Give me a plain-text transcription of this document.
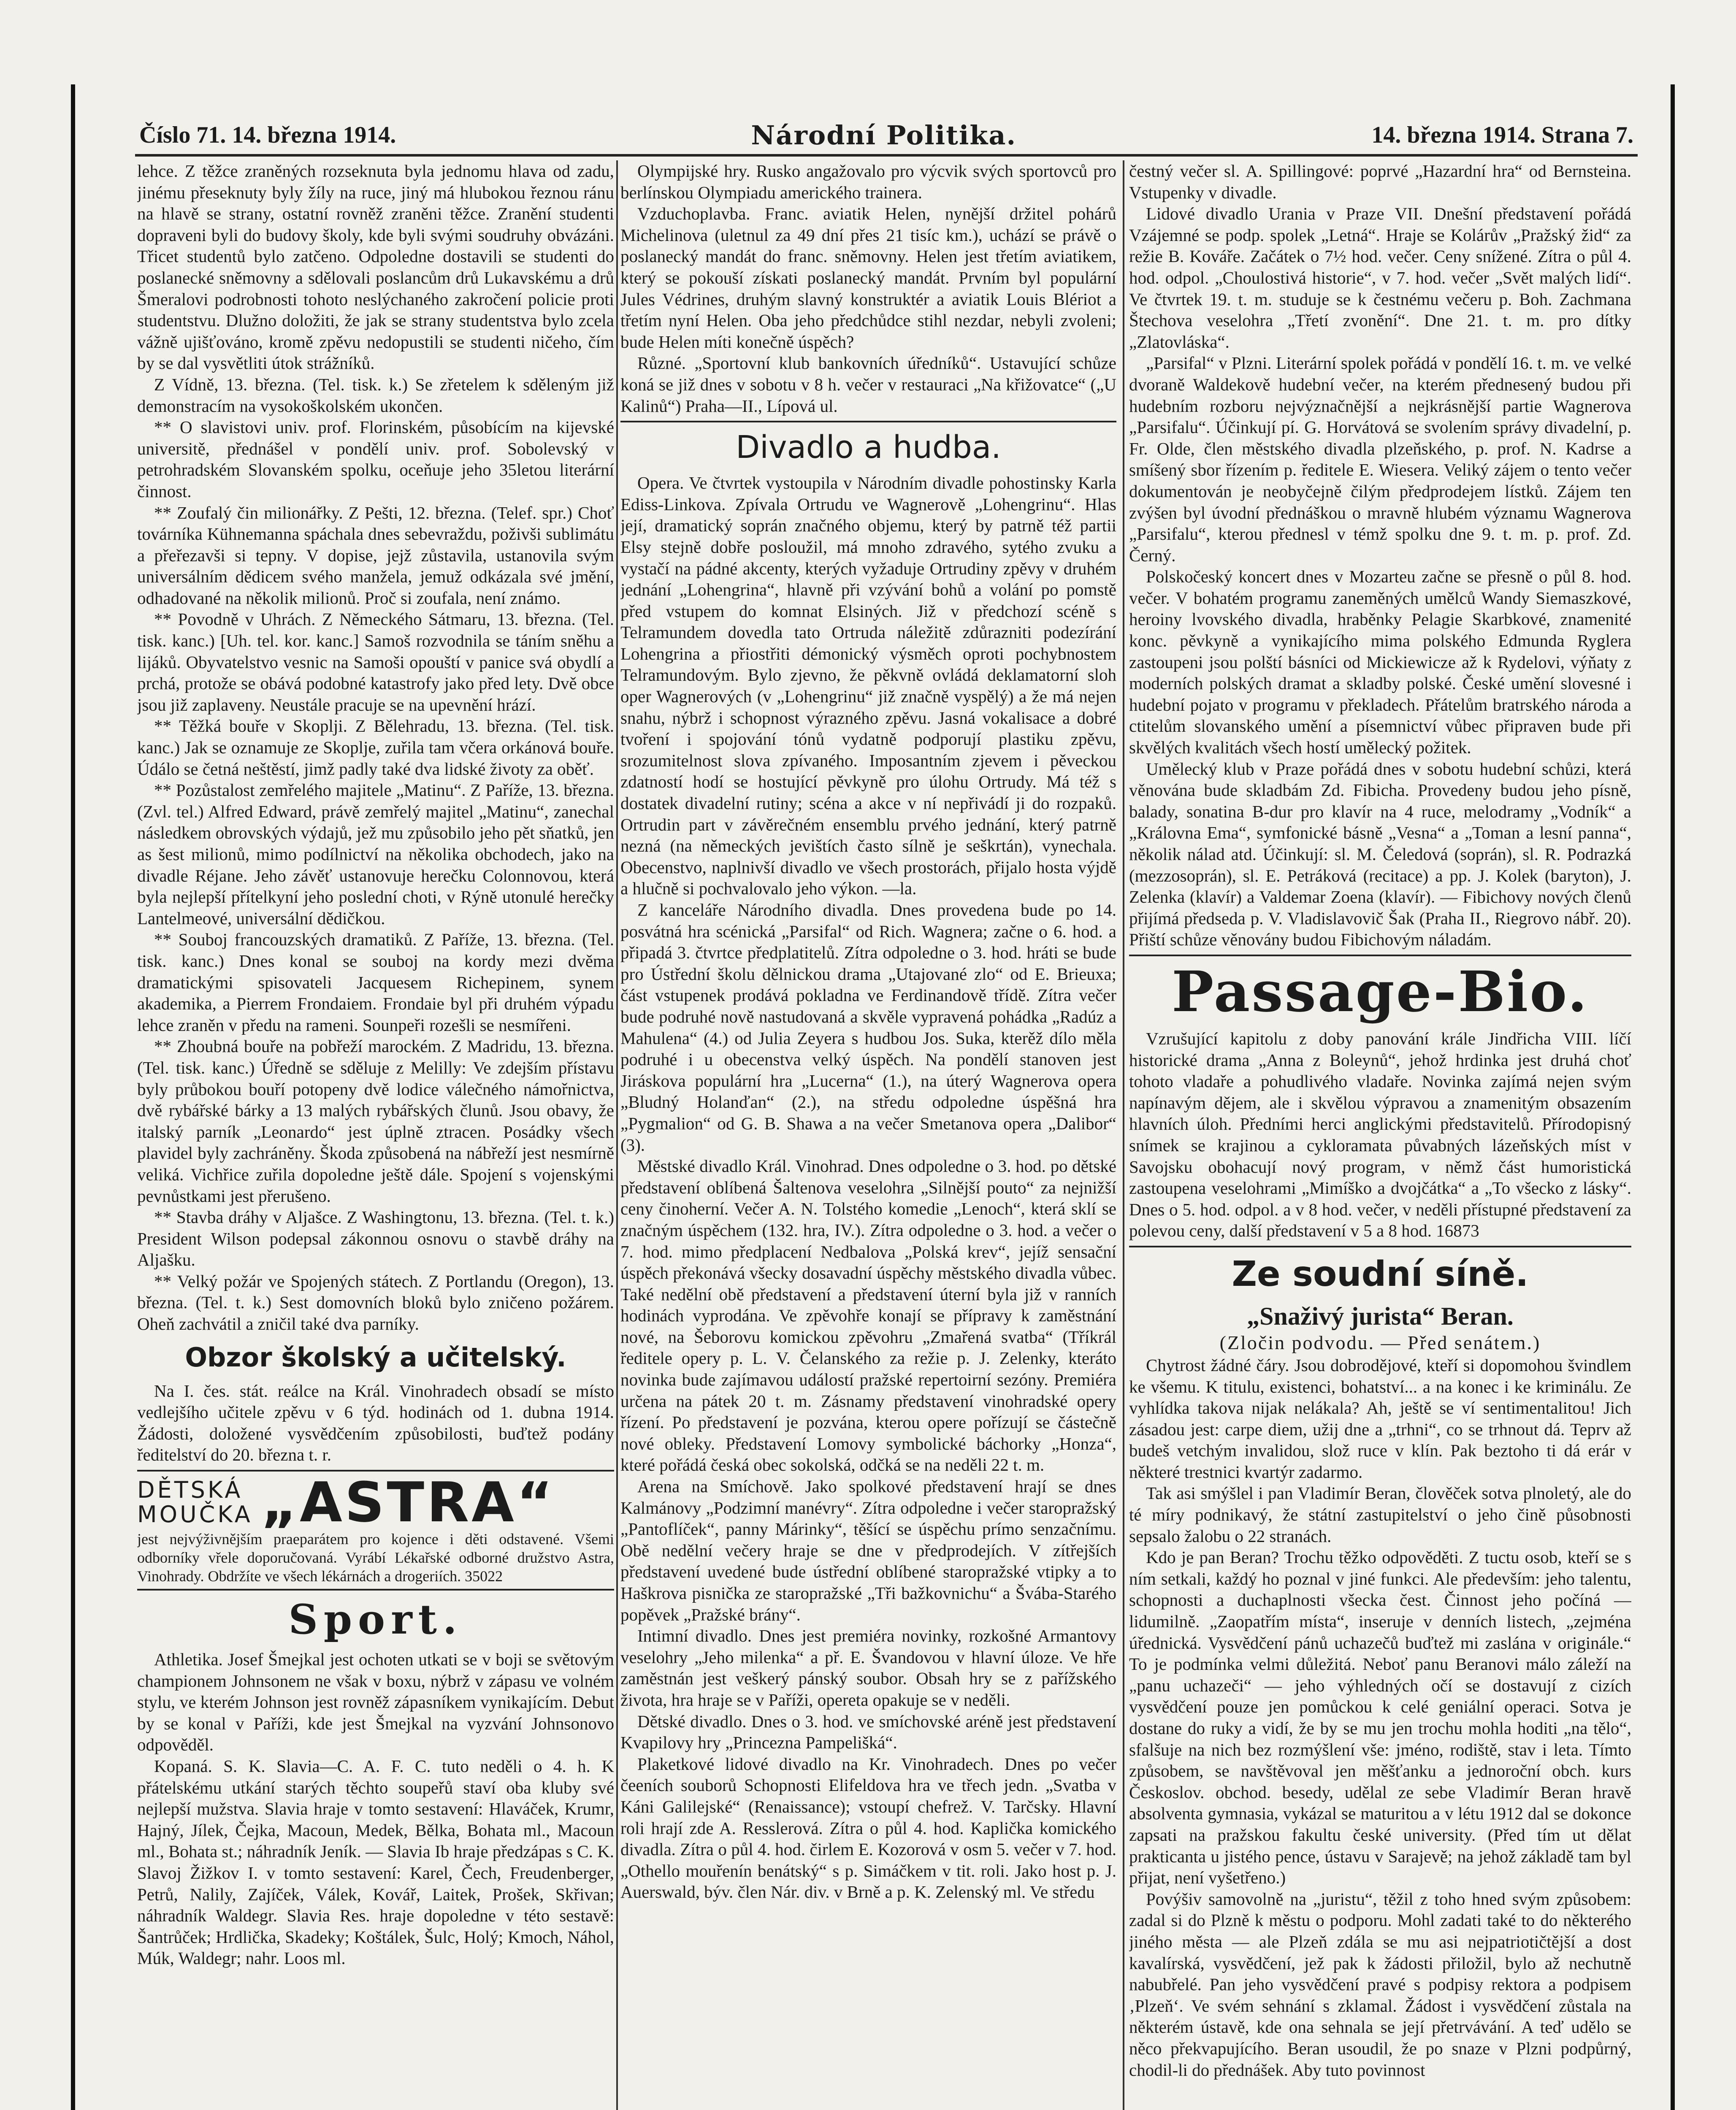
Číslo 71. 14. března 1914.	Národní Politika.	14. března 1914. Strana 7.

lehce. Z těžce zraněných rozseknuta byla jednomu hlava od zadu, jinému přeseknuty byly žíly na ruce, jiný má hlubokou řeznou ránu na hlavě se strany, ostatní rovněž zraněni těžce. Zranění studenti dopraveni byli do budovy školy, kde byli svými soudruhy obvázáni. Třicet studentů bylo zatčeno. Odpoledne dostavili se studenti do poslanecké sněmovny a sdělovali poslancům drů Lukavskému a drů Šmeralovi podrobnosti tohoto neslýchaného zakročení policie proti studentstvu. Dlužno doložiti, že jak se strany studentstva bylo zcela vážně ujišťováno, kromě zpěvu nedopustili se studenti ničeho, čím by se dal vysvětliti útok strážníků.

Z Vídně, 13. března. (Tel. tisk. k.) Se zřetelem k sděleným již demonstracím na vysokoškolském ukončen.

** O slavistovi univ. prof. Florinském, působícím na kijevské universitě, přednášel v pondělí univ. prof. Sobolevský v petrohradském Slovanském spolku, oceňuje jeho 35letou literární činnost.

** Zoufalý čin milionářky. Z Pešti, 12. března. (Telef. spr.) Choť továrníka Kühnemanna spáchala dnes sebevraždu, poživši sublimátu a přeřezavši si tepny. V dopise, jejž zůstavila, ustanovila svým universálním dědicem svého manžela, jemuž odkázala své jmění, odhadované na několik milionů. Proč si zoufala, není známo.

** Povodně v Uhrách. Z Německého Sátmaru, 13. března. (Tel. tisk. kanc.) [Uh. tel. kor. kanc.] Samoš rozvodnila se táním sněhu a lijáků. Obyvatelstvo vesnic na Samoši opouští v panice svá obydlí a prchá, protože se obává podobné katastrofy jako před lety. Dvě obce jsou již zaplaveny. Neustále pracuje se na upevnění hrází.

** Těžká bouře v Skoplji. Z Bělehradu, 13. března. (Tel. tisk. kanc.) Jak se oznamuje ze Skoplje, zuřila tam včera orkánová bouře. Údálo se četná neštěstí, jimž padly také dva lidské životy za oběť.

** Pozůstalost zemřelého majitele „Matinu“. Z Paříže, 13. března. (Zvl. tel.) Alfred Edward, právě zemřelý majitel „Matinu“, zanechal následkem obrovských výdajů, jež mu způsobilo jeho pět sňatků, jen as šest milionů, mimo podílnictví na několika obchodech, jako na divadle Réjane. Jeho závěť ustanovuje herečku Colonnovou, která byla nejlepší přítelkyní jeho poslední choti, v Rýně utonulé herečky Lantelmeové, universální dědičkou.

** Souboj francouzských dramatiků. Z Paříže, 13. března. (Tel. tisk. kanc.) Dnes konal se souboj na kordy mezi dvěma dramatickými spisovateli Jacquesem Richepinem, synem akademika, a Pierrem Frondaiem. Frondaie byl při druhém výpadu lehce zraněn v předu na rameni. Sounpeři rozešli se nesmířeni.

** Zhoubná bouře na pobřeží marockém. Z Madridu, 13. března. (Tel. tisk. kanc.) Úředně se sděluje z Melilly: Ve zdejším přístavu byly průbokou bouří potopeny dvě lodice válečného námořnictva, dvě rybářské bárky a 13 malých rybářských člunů. Jsou obavy, že italský parník „Leonardo“ jest úplně ztracen. Posádky všech plavidel byly zachráněny. Škoda způsobená na nábřeží jest nesmírně veliká. Vichřice zuřila dopoledne ještě dále. Spojení s vojenskými pevnůstkami jest přerušeno.

** Stavba dráhy v Aljašce. Z Washingtonu, 13. března. (Tel. t. k.) President Wilson podepsal zákonnou osnovu o stavbě dráhy na Aljašku.

** Velký požár ve Spojených státech. Z Portlandu (Oregon), 13. března. (Tel. t. k.) Sest domovních bloků bylo zničeno požárem. Oheň zachvátil a zničil také dva parníky.

Obzor školský a učitelský.

Na I. čes. stát. reálce na Král. Vinohradech obsadí se místo vedlejšího učitele zpěvu v 6 týd. hodinách od 1. dubna 1914. Žádosti, doložené vysvědčením způsobilosti, buďtež podány ředitelství do 20. března t. r.

DĚTSKÁ
MOUČKA „ASTRA“
jest nejvýživnějším praeparátem pro kojence i děti odstavené. Všemi odborníky vřele doporučovaná. Vyrábí Lékařské odborné družstvo Astra, Vinohrady. Obdržíte ve všech lékárnách a drogeriích. 35022
Sport.

Athletika. Josef Šmejkal jest ochoten utkati se v boji se světovým championem Johnsonem ne však v boxu, nýbrž v zápasu ve volném stylu, ve kterém Johnson jest rovněž zápasníkem vynikajícím. Debut by se konal v Paříži, kde jest Šmejkal na vyzvání Johnsonovo odpověděl.

Kopaná. S. K. Slavia—C. A. F. C. tuto neděli o 4. h. K přátelskému utkání starých těchto soupeřů staví oba kluby své nejlepší mužstva. Slavia hraje v tomto sestavení: Hlaváček, Krumr, Hajný, Jílek, Čejka, Macoun, Medek, Bělka, Bohata ml., Macoun ml., Bohata st.; náhradník Jeník. — Slavia Ib hraje předzápas s C. K. Slavoj Žižkov I. v tomto sestavení: Karel, Čech, Freudenberger, Petrů, Nalily, Zajíček, Válek, Kovář, Laitek, Prošek, Skřivan; náhradník Waldegr. Slavia Res. hraje dopoledne v této sestavě: Šantrůček; Hrdlička, Skadeky; Koštálek, Šulc, Holý; Kmoch, Náhol, Múk, Waldegr; nahr. Loos ml.

Olympijské hry. Rusko angažovalo pro výcvik svých sportovců pro berlínskou Olympiadu amerického trainera.

Vzduchoplavba. Franc. aviatik Helen, nynější držitel pohárů Michelinova (uletnul za 49 dní přes 21 tisíc km.), uchází se právě o poslanecký mandát do franc. sněmovny. Helen jest třetím aviatikem, který se pokouší získati poslanecký mandát. Prvním byl populární Jules Védrines, druhým slavný konstruktér a aviatik Louis Blériot a třetím nyní Helen. Oba jeho předchůdce stihl nezdar, nebyli zvoleni; bude Helen míti konečně úspěch?

Různé. „Sportovní klub bankovních úředníků“. Ustavující schůze koná se již dnes v sobotu v 8 h. večer v restauraci „Na křižovatce“ („U Kalinů“) Praha—II., Lípová ul.

Divadlo a hudba.

Opera. Ve čtvrtek vystoupila v Národním divadle pohostinsky Karla Ediss-Linkova. Zpívala Ortrudu ve Wagnerově „Lohengrinu“. Hlas její, dramatický soprán značného objemu, který by patrně též partii Elsy stejně dobře posloužil, má mnoho zdravého, sytého zvuku a vystačí na pádné akcenty, kterých vyžaduje Ortrudiny zpěvy v druhém jednání „Lohengrina“, hlavně při vzývání bohů a volání po pomstě před vstupem do komnat Elsiných. Již v předchozí scéně s Telramundem dovedla tato Ortruda náležitě zdůrazniti podezírání Lohengrina a přiostřiti démonický výsměch oproti pochybnostem Telramundovým. Bylo zjevno, že pěkvně ovládá deklamatorní sloh oper Wagnerových (v „Lohengrinu“ již značně vyspělý) a že má nejen snahu, nýbrž i schopnost výrazného zpěvu. Jasná vokalisace a dobré tvoření i spojování tónů vydatně podporují plastiku zpěvu, srozumitelnost slova zpívaného. Imposantním zjevem i pěveckou zdatností hodí se hostující pěvkyně pro úlohu Ortrudy. Má též s dostatek divadelní rutiny; scéna a akce v ní nepřivádí ji do rozpaků. Ortrudin part v závěrečném ensemblu prvého jednání, který patrně nezná (na německých jevištích často sílně je seškrtán), vynechala. Obecenstvo, naplnivší divadlo ve všech prostorách, přijalo hosta výjdě a hlučně si pochvalovalo jeho výkon. —la.

Z kanceláře Národního divadla. Dnes provedena bude po 14. posvátná hra scénická „Parsifal“ od Rich. Wagnera; začne o 6. hod. a připadá 3. čtvrtce předplatitelů. Zítra odpoledne o 3. hod. hráti se bude pro Ústřední školu dělnickou drama „Utajované zlo“ od E. Brieuxa; část vstupenek prodává pokladna ve Ferdinandově třídě. Zítra večer bude podruhé nově nastudovaná a skvěle vypravená pohádka „Radúz a Mahulena“ (4.) od Julia Zeyera s hudbou Jos. Suka, kterěž dílo měla podruhé i u obecenstva velký úspěch. Na pondělí stanoven jest Jiráskova populární hra „Lucerna“ (1.), na úterý Wagnerova opera „Bludný Holanďan“ (2.), na středu odpoledne úspěšná hra „Pygmalion“ od G. B. Shawa a na večer Smetanova opera „Dalibor“ (3).

Městské divadlo Král. Vinohrad. Dnes odpoledne o 3. hod. po dětské představení oblíbená Šaltenova veselohra „Silnější pouto“ za nejnižší ceny činoherní. Večer A. N. Tolstého komedie „Lenoch“, která sklí se značným úspěchem (132. hra, IV.). Zítra odpoledne o 3. hod. a večer o 7. hod. mimo předplacení Nedbalova „Polská krev“, jejíž sensační úspěch překonává všecky dosavadní úspěchy městského divadla vůbec. Také nedělní obě představení a představení úterní byla již v ranních hodinách vyprodána. Ve zpěvohře konají se přípravy k zaměstnání nové, na Šeborovu komickou zpěvohru „Zmařená svatba“ (Tříkrál ředitele opery p. L. V. Čelanského za režie p. J. Zelenky, kteráto novinka bude zajímavou událostí pražské repertoirní sezóny. Premiéra určena na pátek 20 t. m. Zásnamy představení vinohradské opery řízení. Po představení je pozvána, kterou opere pořízují se částečně nové obleky. Představení Lomovy symbolické báchorky „Honza“, které pořádá česká obec sokolská, odčká se na neděli 22 t. m.

Arena na Smíchově. Jako spolkové představení hrají se dnes Kalmánovy „Podzimní manévry“. Zítra odpoledne i večer staropražský „Pantoflíček“, panny Márinky“, těšící se úspěchu prímo senzačnímu. Obě nedělní večery hraje se dne v předprodejích. V zítřejších představení uvedené bude ústřední oblíbené staropražské vtipky a to Haškrova pisnička ze staropražské „Tři bažkovnichu“ a Švába-Starého popěvek „Pražské brány“.

Intimní divadlo. Dnes jest premiéra novinky, rozkošné Armantovy veselohry „Jeho milenka“ a př. E. Švandovou v hlavní úloze. Ve hře zaměstnán jest veškerý pánský soubor. Obsah hry se z pařížského života, hra hraje se v Paříži, opereta opakuje se v neděli.

Dětské divadlo. Dnes o 3. hod. ve smíchovské aréně jest představení Kvapilovy hry „Princezna Pampelišká“.

Plaketkové lidové divadlo na Kr. Vinohradech. Dnes po večer čeeních souborů Schopnosti Elifeldova hra ve třech jedn. „Svatba v Káni Galilejské“ (Renaissance); vstoupí chefrež. V. Tarčsky. Hlavní roli hrají zde A. Resslerová. Zítra o půl 4. hod. Kaplička komického divadla. Zítra o půl 4. hod. čirlem E. Kozorová v osm 5. večer v 7. hod. „Othello mouřenín benátský“ s p. Simáčkem v tit. roli. Jako host p. J. Auerswald, býv. člen Nár. div. v Brně a p. K. Zelenský ml. Ve středu

čestný večer sl. A. Spillingové: poprvé „Hazardní hra“ od Bernsteina. Vstupenky v divadle.

Lidové divadlo Urania v Praze VII. Dnešní představení pořádá Vzájemné se podp. spolek „Letná“. Hraje se Kolárův „Pražský žid“ za režie B. Kováře. Začátek o 7½ hod. večer. Ceny snížené. Zítra o půl 4. hod. odpol. „Choulostivá historie“, v 7. hod. večer „Svět malých lidí“. Ve čtvrtek 19. t. m. studuje se k čestnému večeru p. Boh. Zachmana Štechova veselohra „Třetí zvonění“. Dne 21. t. m. pro dítky „Zlatovláska“.

„Parsifal“ v Plzni. Literární spolek pořádá v pondělí 16. t. m. ve velké dvoraně Waldekově hudební večer, na kterém přednesený budou při hudebním rozboru nejvýznačnější a nejkrásnější partie Wagnerova „Parsifalu“. Účinkují pí. G. Horvátová se svolením správy divadelní, p. Fr. Olde, člen městského divadla plzeňského, p. prof. N. Kadrse a smíšený sbor řízením p. ředitele E. Wiesera. Veliký zájem o tento večer dokumentován je neobyčejně čilým předprodejem lístků. Zájem ten zvýšen byl úvodní přednáškou o mravně hlubém významu Wagnerova „Parsifalu“, kterou přednesl v témž spolku dne 9. t. m. p. prof. Zd. Černý.

Polskočeský koncert dnes v Mozarteu začne se přesně o půl 8. hod. večer. V bohatém programu zaneměných umělců Wandy Siemaszkové, heroiny lvovského divadla, hraběnky Pelagie Skarbkové, znamenité konc. pěvkyně a vynikajícího mima polského Edmunda Ryglera zastoupeni jsou polští básníci od Mickiewicze až k Rydelovi, výňaty z moderních polských dramat a skladby polské. České umění slovesné i hudební pojato v programu v překladech. Přátelům bratrského národa a ctitelům slovanského umění a písemnictví vůbec připraven bude při skvělých kvalitách všech hostí umělecký požitek.

Umělecký klub v Praze pořádá dnes v sobotu hudební schůzi, která věnována bude skladbám Zd. Fibicha. Provedeny budou jeho písně, balady, sonatina B-dur pro klavír na 4 ruce, melodramy „Vodník“ a „Královna Ema“, symfonické básně „Vesna“ a „Toman a lesní panna“, několik nálad atd. Účinkují: sl. M. Čeledová (soprán), sl. R. Podrazká (mezzosoprán), sl. E. Petráková (recitace) a pp. J. Kolek (baryton), J. Zelenka (klavír) a Valdemar Zoena (klavír). — Fibichovy nových členů přijímá předseda p. V. Vladislavovič Šak (Praha II., Riegrovo nábř. 20). Přiští schůze věnovány budou Fibichovým náladám.

Passage-Bio.

Vzrušující kapitolu z doby panování krále Jindřicha VIII. líčí historické drama „Anna z Boleynů“, jehož hrdinka jest druhá choť tohoto vladaře a pohudlivého vladaře. Novinka zajímá nejen svým napínavým dějem, ale i skvělou výpravou a znamenitým obsazením hlavních úloh. Předními herci anglickými představitelů. Přírodopisný snímek se krajinou a cykloramata půvabných lázeňských míst v Savojsku obohacují nový program, v němž část humoristická zastoupena veselohrami „Mimíško a dvojčátka“ a „To všecko z lásky“. Dnes o 5. hod. odpol. a v 8 hod. večer, v neděli přístupné představení za polevou ceny, další představení v 5 a 8 hod. 16873

Ze soudní síně.
„Snaživý jurista“ Beran.
(Zločin podvodu. — Před senátem.)

Chytrost žádné čáry. Jsou dobrodějové, kteří si dopomohou švindlem ke všemu. K titulu, existenci, bohatství... a na konec i ke kriminálu. Ze vyhlídka takova nijak nelákala? Ah, ještě se ví sentimentalitou! Jich zásadou jest: carpe diem, užij dne a „trhni“, co se trhnout dá. Teprv až budeš vetchým invalidou, slož ruce v klín. Pak beztoho ti dá erár v některé trestnici kvartýr zadarmo.

Tak asi smýšlel i pan Vladimír Beran, člověček sotva plnoletý, ale do té míry podnikavý, že státní zastupitelství o jeho čině působnosti sepsalo žalobu o 22 stranách.

Kdo je pan Beran? Trochu těžko odpověděti. Z tuctu osob, kteří se s ním setkali, každý ho poznal v jiné funkci. Ale především: jeho talentu, schopnosti a duchaplnosti všecka čest. Činnost jeho počíná — lidumilně. „Zaopatřím místa“, inseruje v denních listech, „zejména úřednická. Vysvědčení pánů uchazečů buďtež mi zaslána v originále.“ To je podmínka velmi důležitá. Neboť panu Beranovi málo záleží na „panu uchazeči“ — jeho výhledných očí se dostavují z cizích vysvědčení pouze jen pomůckou k celé geniální operaci. Sotva je dostane do ruky a vidí, že by se mu jen trochu mohla hoditi „na tělo“, sfalšuje na nich bez rozmýšlení vše: jméno, rodiště, stav i leta. Tímto způsobem, se navštěvoval jen měšťanku a jednoroční obch. kurs Českoslov. obchod. besedy, udělal ze sebe Vladimír Beran hravě absolventa gymnasia, vykázal se maturitou a v létu 1912 dal se dokonce zapsati na pražskou fakultu české university. (Před tím ut dělat prakticanta u jistého pence, ústavu v Sarajevě; na jehož základě tam byl přijat, není vyšetřeno.)

Povýšiv samovolně na „juristu“, těžil z toho hned svým způsobem: zadal si do Plzně k městu o podporu. Mohl zadati také to do některého jiného města — ale Plzeň zdála se mu asi nejpatriotičtější a dost kavalírská, vysvědčení, jež pak k žádosti přiložil, bylo až nechutně nabubřelé. Pan jeho vysvědčení pravé s podpisy rektora a podpisem ‚Plzeň‘. Ve svém sehnání s zklamal. Žádost i vysvědčení zůstala na některém ústavě, kde ona sehnala se její přetrvávání. A teď udělo se něco překvapujícího. Beran usoudil, že po snaze v Plzni podpůrný, chodil-li do přednášek. Aby tuto povinnost
